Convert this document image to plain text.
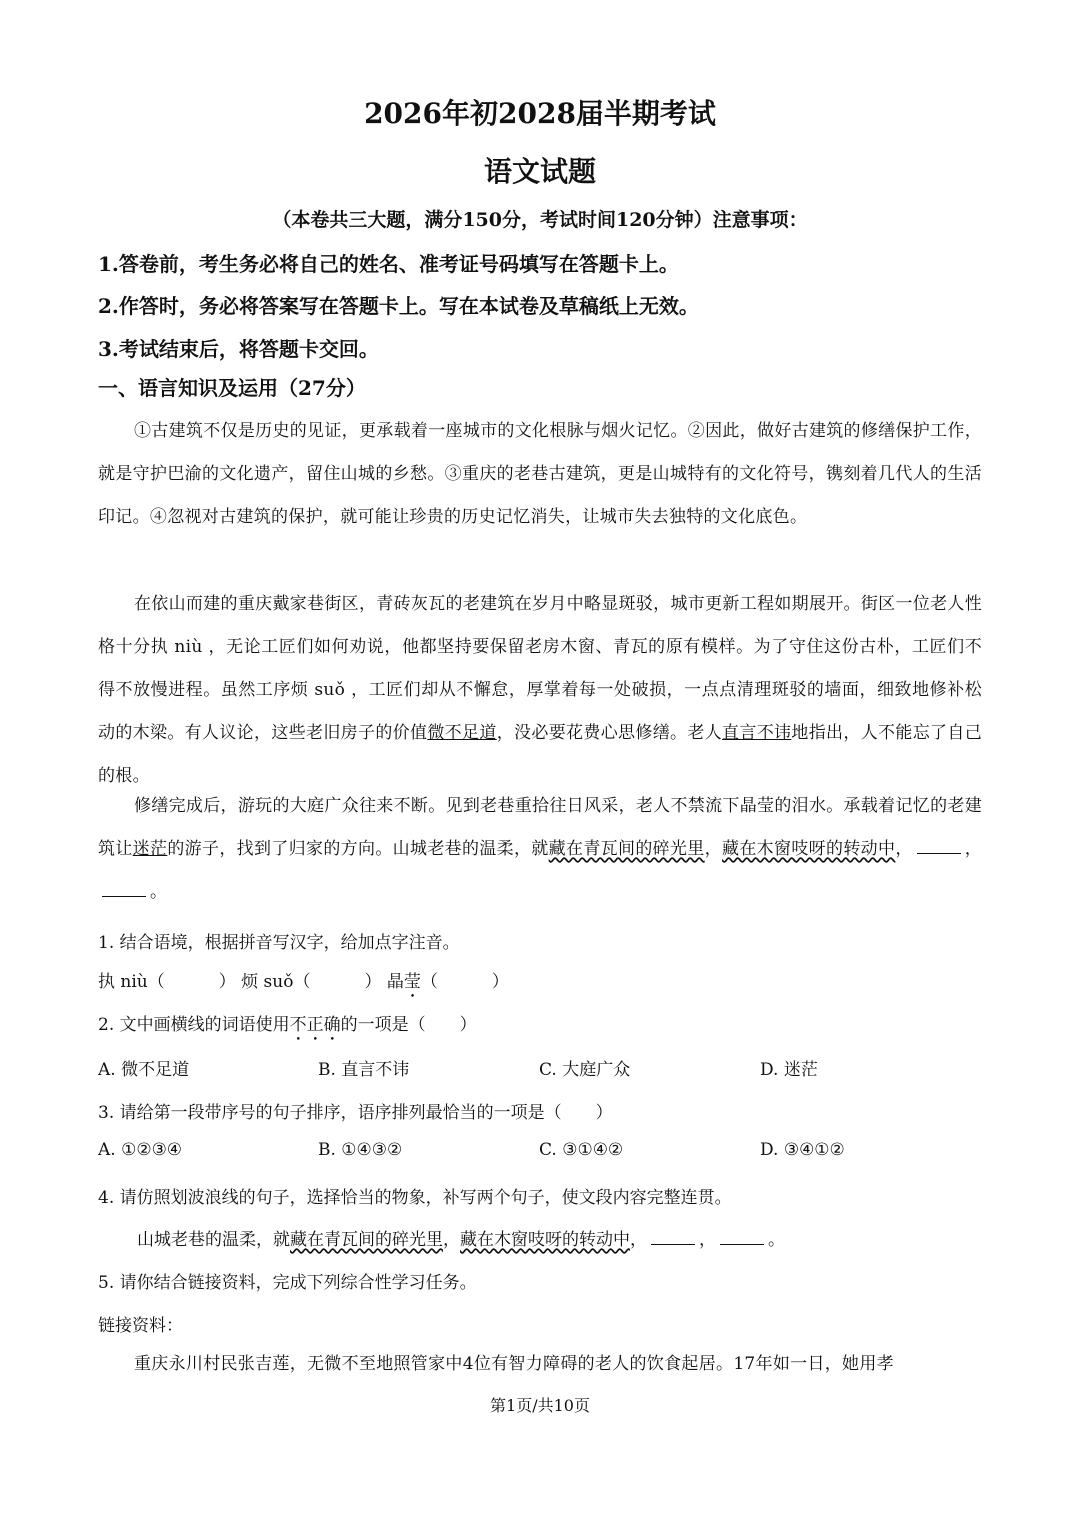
2026年初2028届半期考试
语文试题
（本卷共三大题，满分150分，考试时间120分钟）注意事项：
1.答卷前，考生务必将自己的姓名、准考证号码填写在答题卡上。
2.作答时，务必将答案写在答题卡上。写在本试卷及草稿纸上无效。
3.考试结束后，将答题卡交回。
一、语言知识及运用（27分）
①古建筑不仅是历史的见证，更承载着一座城市的文化根脉与烟火记忆。②因此，做好古建筑的修缮保护工作，就是守护巴渝的文化遗产，留住山城的乡愁。③重庆的老巷古建筑，更是山城特有的文化符号，镌刻着几代人的生活印记。④忽视对古建筑的保护，就可能让珍贵的历史记忆消失，让城市失去独特的文化底色。
在依山而建的重庆戴家巷街区，青砖灰瓦的老建筑在岁月中略显斑驳，城市更新工程如期展开。街区一位老人性格十分执 niù ，无论工匠们如何劝说，他都坚持要保留老房木窗、青瓦的原有模样。为了守住这份古朴，工匠们不得不放慢进程。虽然工序烦 suǒ ，工匠们却从不懈怠，厚掌着每一处破损，一点点清理斑驳的墙面，细致地修补松动的木梁。有人议论，这些老旧房子的价值微不足道，没必要花费心思修缮。老人直言不讳地指出，人不能忘了自己的根。
修缮完成后，游玩的大庭广众往来不断。见到老巷重拾往日风采，老人不禁流下晶莹的泪水。承载着记忆的老建筑让迷茫的游子，找到了归家的方向。山城老巷的温柔，就藏在青瓦间的碎光里，藏在木窗吱呀的转动中，	，。
1. 结合语境，根据拼音写汉字，给加点字注音。
执 niù（	） 烦 suǒ（	） 晶莹（	）
2. 文中画横线的词语使用不正确的一项是（　　）
A. 微不足道	B. 直言不讳	C. 大庭广众	D. 迷茫
3. 请给第一段带序号的句子排序，语序排列最恰当的一项是（　　）
A. ①②③④	B. ①④③②	C. ③①④②	D. ③④①②
4. 请仿照划波浪线的句子，选择恰当的物象，补写两个句子，使文段内容完整连贯。
山城老巷的温柔，就藏在青瓦间的碎光里，藏在木窗吱呀的转动中，	，	。
5. 请你结合链接资料，完成下列综合性学习任务。
链接资料：
重庆永川村民张吉莲，无微不至地照管家中4位有智力障碍的老人的饮食起居。17年如一日，她用孝
第1页/共10页
